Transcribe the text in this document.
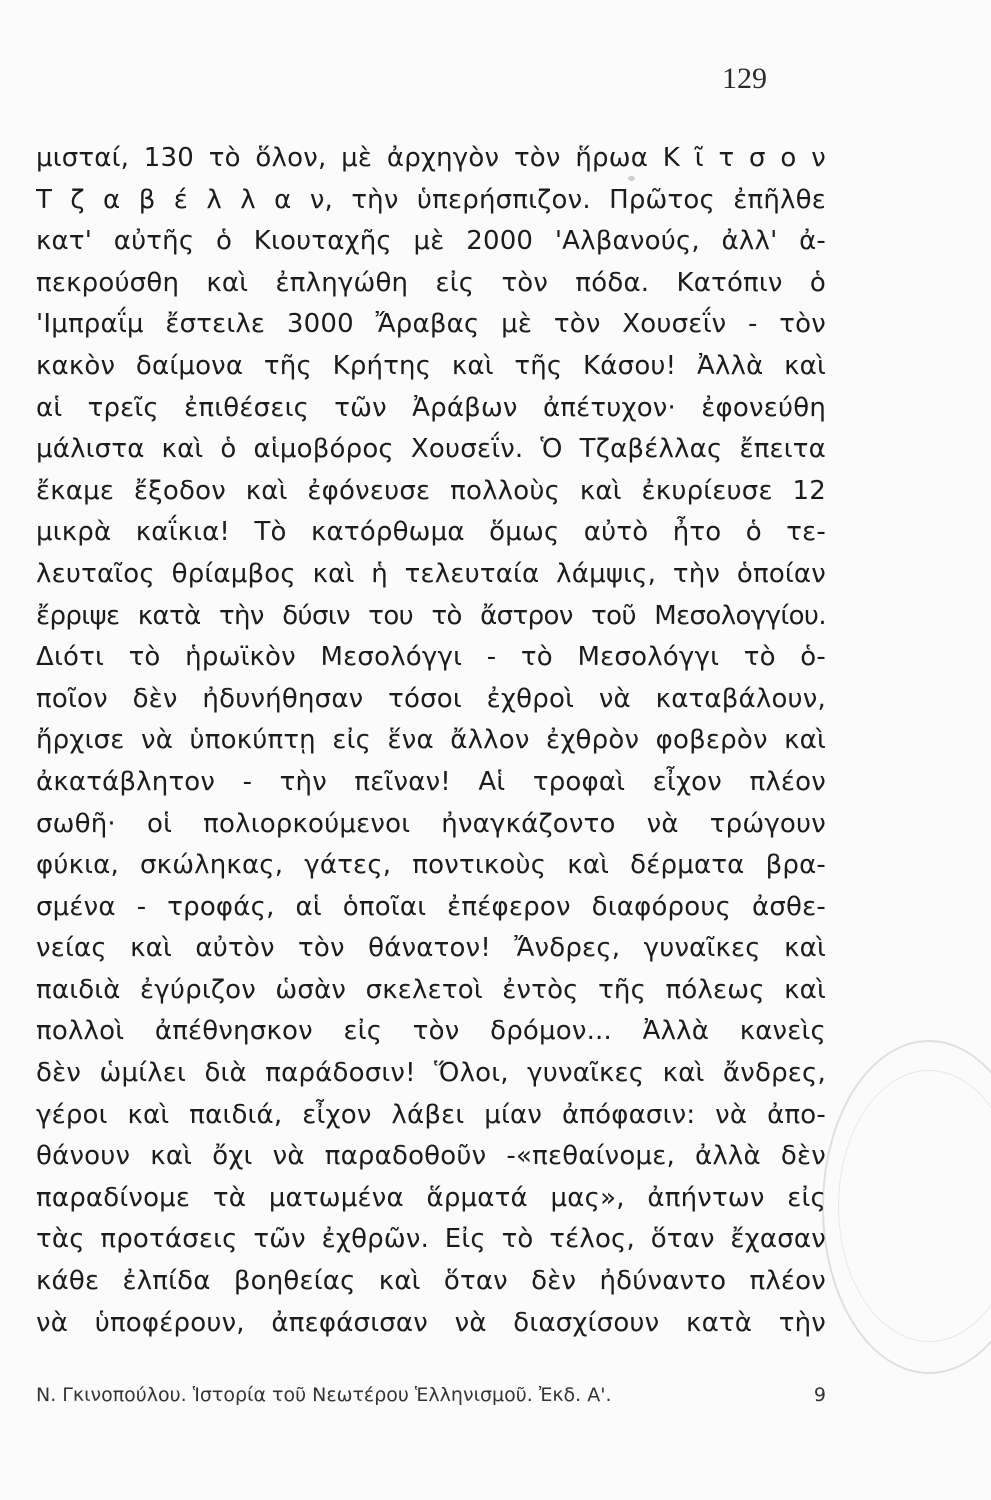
129
μισταί, 130 τὸ ὅλον, μὲ ἀρχηγὸν τὸν ἥρωα Κ ῖ τ σ ο ν
Τ ζ α β έ λ λ α ν, τὴν ὑπερήσπιζον. Πρῶτος ἐπῆλθε
κατ' αὐτῆς ὁ Κιουταχῆς μὲ 2000 'Αλβανούς, ἀλλ' ἀ-
πεκρούσθη καὶ ἐπληγώθη εἰς τὸν πόδα. Κατόπιν ὁ
'Ιμπραΐμ ἔστειλε 3000 Ἄραβας μὲ τὸν Χουσεΐν - τὸν
κακὸν δαίμονα τῆς Κρήτης καὶ τῆς Κάσου! Ἀλλὰ καὶ
αἱ τρεῖς ἐπιθέσεις τῶν Ἀράβων ἀπέτυχον· ἐφονεύθη
μάλιστα καὶ ὁ αἱμοβόρος Χουσεΐν. Ὁ Τζαβέλλας ἔπειτα
ἔκαμε ἔξοδον καὶ ἐφόνευσε πολλοὺς καὶ ἐκυρίευσε 12
μικρὰ καΐκια! Τὸ κατόρθωμα ὅμως αὐτὸ ἦτο ὁ τε-
λευταῖος θρίαμβος καὶ ἡ τελευταία λάμψις, τὴν ὁποίαν
ἔρριψε κατὰ τὴν δύσιν του τὸ ἄστρον τοῦ Μεσολογγίου.
Διότι τὸ ἡρωϊκὸν Μεσολόγγι - τὸ Μεσολόγγι τὸ ὁ-
ποῖον δὲν ἠδυνήθησαν τόσοι ἐχθροὶ νὰ καταβάλουν,
ἤρχισε νὰ ὑποκύπτῃ εἰς ἕνα ἄλλον ἐχθρὸν φοβερὸν καὶ
ἀκατάβλητον - τὴν πεῖναν! Αἱ τροφαὶ εἶχον πλέον
σωθῆ· οἱ πολιορκούμενοι ἠναγκάζοντο νὰ τρώγουν
φύκια, σκώληκας, γάτες, ποντικοὺς καὶ δέρματα βρα-
σμένα - τροφάς, αἱ ὁποῖαι ἐπέφερον διαφόρους ἀσθε-
νείας καὶ αὐτὸν τὸν θάνατον! Ἄνδρες, γυναῖκες καὶ
παιδιὰ ἐγύριζον ὡσὰν σκελετοὶ ἐντὸς τῆς πόλεως καὶ
πολλοὶ ἀπέθνησκον εἰς τὸν δρόμον... Ἀλλὰ κανεὶς
δὲν ὡμίλει διὰ παράδοσιν! Ὅλοι, γυναῖκες καὶ ἄνδρες,
γέροι καὶ παιδιά, εἶχον λάβει μίαν ἀπόφασιν: νὰ ἀπο-
θάνουν καὶ ὄχι νὰ παραδοθοῦν -«πεθαίνομε, ἀλλὰ δὲν
παραδίνομε τὰ ματωμένα ἅρματά μας», ἀπήντων εἰς
τὰς προτάσεις τῶν ἐχθρῶν. Εἰς τὸ τέλος, ὅταν ἔχασαν
κάθε ἐλπίδα βοηθείας καὶ ὅταν δὲν ἠδύναντο πλέον
νὰ ὑποφέρουν, ἀπεφάσισαν νὰ διασχίσουν κατὰ τὴν
Ν. Γκινοπούλου. Ἱστορία τοῦ Νεωτέρου Ἑλληνισμοῦ. Ἐκδ. Α'.	9
